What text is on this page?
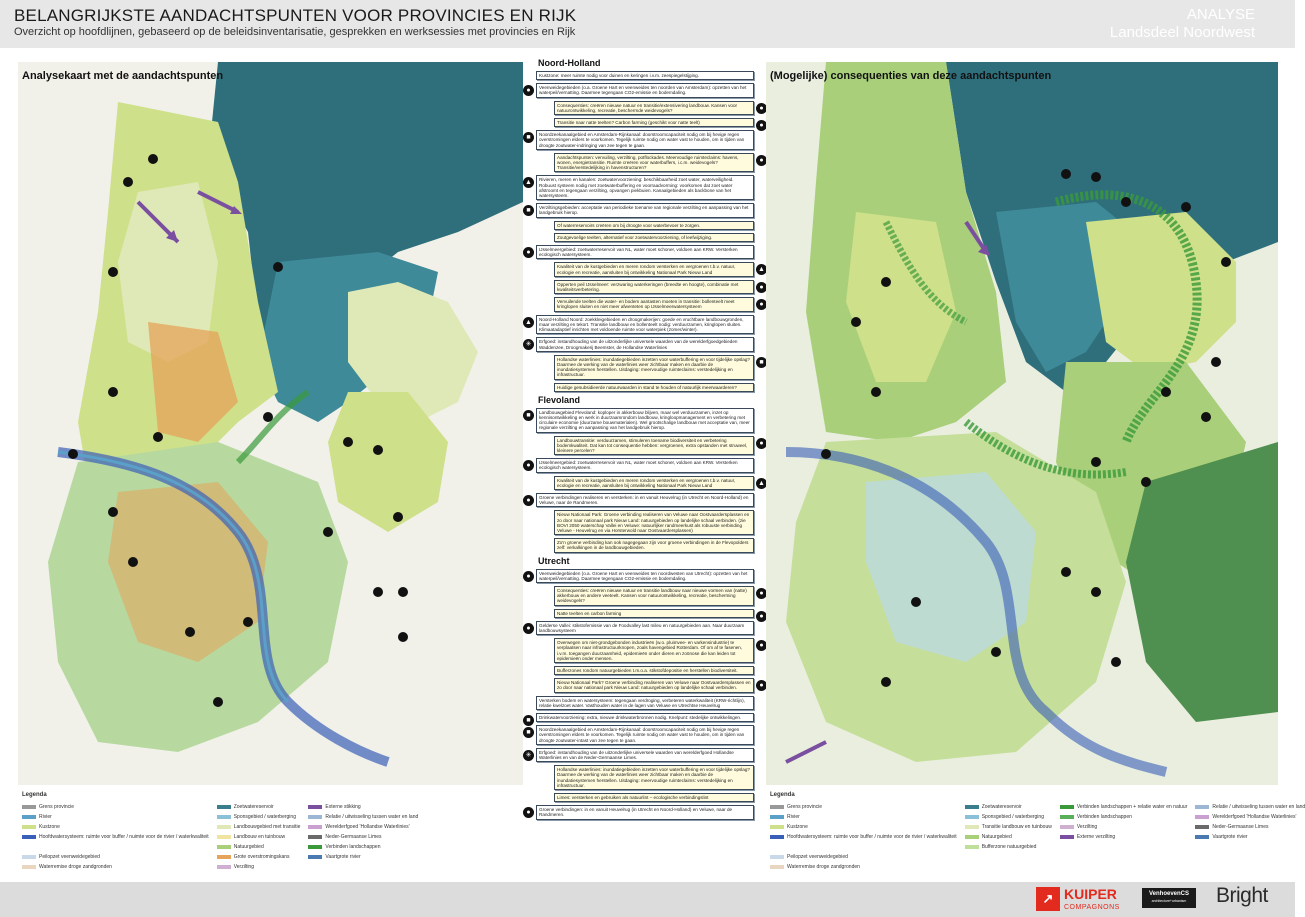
BELANGRIJKSTE AANDACHTSPUNTEN VOOR PROVINCIES EN RIJK
Overzicht op hoofdlijnen, gebaseerd op de beleidsinventarisatie, gesprekken en werksessies met provincies en Rijk
ANALYSE
Landsdeel Noordwest
Analysekaart met de aandachtspunten
Noord-Holland
Kustzone: meer ruimte nodig voor duinen en keringen i.v.m. zeespiegelstijging.
●	Veenweidegebieden (o.a. Groene Hart en veenweides ten noorden van Amsterdam): opzetten van het waterpeil/vernatting. Daarmee tegengaan CO2-emissie en bodemdaling.
●
Consequenties: creëren nieuwe natuur en transitie/extensivering landbouw. Kansen voor natuurontwikkeling, recreatie, beschermde weidevogels?
●
Transitie naar natte teelten? Carbon farming (geschikt voor natte teelt)
■	Noordzeekanaalgebied en Amsterdam-Rijnkanaal: doorstroomcapaciteit nodig om bij hevige regen overstromingen elders te voorkomen. Tegelijk ruimte nodig om water vast te houden, om in tijden van droogte zoutwater-indringing van zee tegen te gaan.
●
Aandachtspunten: vervuiling, verzilting, potflockades. Meervoudige ruimteclaims: havens, wonen, energietransitie. Ruimte creëren voor waterbuffers, i.c.m. weidevogels? Transitie/verstedelijking in havenstructuren?
▲	Rivieren, meren en kanalen: zoetwatervoorziening: beschikbaarheid zoet water, waterveiligheid. Robuust systeem nodig met zoetwaterbuffering en voorraadvorming: voorkomen dat zoet water afstroomt en tegengaan verzilting, opvangen piekbuien. Kanaalgebieden als backbone van het watersysteem.
■	Verziltingsgebieden: acceptatie van periodieke toename van regionale verzilting en aanpassing van het landgebruik hierop.
Of waterreservoirs creëren om bij droogte voor waterbevoer te zorgen.
Zoutgevoelige teelten, alternatief voor zoetwatervoorziening, of leefwijziging.
●	IJsselmeergebied: zoetwaterreservoir van NL, water moet schoner, voldoen aan KRW. Versterken ecologisch watersysteem.
▲
Kwaliteit van de kustgebieden en meren rondom versterken en vergroenen t.b.v. natuur, ecologie en recreatie, aansluiten bij ontwikkeling Nationaal Park Nieuw Land
●
Opperten peil IJsselmeer: verzwaring waterkeringen (breedte en hoogte), combinatie met kwaliteitsverbetering.
●
Vervuilende teelten die water- en bodem aantasten moeten in transitie: bollenteelt meet kringlopen sluiten en niet meer afwenteten op IJsselmeerwatersysteem
▲	Noord-Holland Noord: zoekkleigebieden en droogmakerijen: goede en vruchtbare landbouwgronden, maar verzilting en tekort. Transitie landbouw en bollenteelt nodig: verduurzamen, kringlopen sluiten. Klimaatadaptief inrichten met voldoende ruimte voor waterpiek (zomer/winter).
✳	Erfgoed: instandhouding van de uitzonderlijke universele waarden van de werelderfgoedgebieden Waddenzee, Droogmakerij Beemster, de Hollandse Waterlinies
■
Hollandse waterlinies: inundatiegebieden inzetten voor waterbuffering en voor tijdelijke opslag? Daarmee de werking van de waterlinies weer zichtbaar maken en daarbie de inundatiesystemen herstellen. Uitdaging: meervoudige ruimteclaims: verstedelijking en infrastructuur.
Huidige gesubsidieerde natuurwaarden in stand te houden of natuurlijk meerwaarderen?
Flevoland
■	Landbouwgebied Flevoland: koploper in akkerbouw blijven, maar wel verduurzamen, inzet op kennisontwikkeling en werk in duurzaamrondom landbouw, kringloopmanagement en verbetering met circulaire economie (duurzame bouwmaterialen). Wel grootschalige landbouw met acceptatie van, meer regionale verzilting en aanpassing van het landgebruik hierop.
●
Landbouwtransitie: verduurzamen, stimuleren toename biodiversiteit en verbetering bodemkwaliteit. Dat kan tot consequentie hebben: vergroenen, extra opstanden met struweel, kleinere percelen?
●	IJsselmeergebied: zoetwaterreservoir van NL, water moet schoner, voldoen aan KRW. Versterken ecologisch watersysteem.
▲
Kwaliteit van de kustgebieden en meren rondom versterken en vergroenen t.b.v. natuur, ecologie en recreatie, aansluiten bij ontwikkeling Nationaal Park Nieuw Land
●	Groene verbindingen realiseren en versterken: in en vanuit Heuvelrug (in Utrecht en Noord-Holland) en Veluwe, naar de Randmeren.
Nieuw Nationaal Park: Groene verbinding realiseren van Veluwe naar Oostvaardersplassen en zo door naar nationaal park Nieuw Land: natuurgebieden op landelijke schaal verbinden. (zie BOVI 2050 waterschap Vallei en Veluwe: natuurlijker randmeerkust als robuuste verbinding Veluwe - Heuvelrug en via Horsterwold naar Oostvaardersplassen)
Zo'n groene verbinding kan ook nagegegaan zijn voor groene verbindingen in de Flevopolders zelf: verkalkingen in de landbouwgebieden.
Utrecht
●	Veenweidegebieden (o.a. Groene Hart en veenweides ten noordwesten van Utrecht): opzetten van het waterpeil/vernatting. Daarmee tegengaan CO2-emissie en bodemdaling.
●
Consequenties: creëren nieuwe natuur en transitie landbouw naar nieuwe vormen van (natte) akkerbouw en andere veeteelt. Kansen voor natuurontwikkeling, recreatie, bescherming weidevogels?
●
Natte teelten en carbon farming
●	Gelderse Vallei: stikstofemissie van de Foodvalley last mileu en natuurgebieden aan. Naar duurzaam landbouwsysteem
●
Overwegen om niet-grondgebonden industrieën (w.o. pluimvee- en varkensindustrie) te verplaatsen naar infrastructuurknopen, zoals havengebied Rotterdam. Of om af te fasenen, i.v.m. toegangen duurzaamheid, epidemieën onder dieren en zoönose die kan leiden tot epidemieën onder mensen.
Bufferzones rondom natuurgebieden t.m.o.a. stikstofdepositie en herstellen biodiversiteit.
●
Nieuw Nationaal Park? Groene verbinding realiseren van Veluwe naar Oostvaardersplassen en zo door naar nationaal park Nieuw Land: natuurgebieden op landelijke schaal verbinden.
Versterken bodem en watersysteem: tegengaan verdroging, verbeteren waterkwaliteit (KRW-richtlijn), relatie kwelzoet water. Vasthouden water in de lagen van Veluwe en Utrechtse Heuvelrug
■	Drinkwatervoorziening: extra, nieuwe drinkwaterbronnen nodig. Knelpunt: stedelijke ontwikkelingen.
■	Noordzeekanaalgebied en Amsterdam-Rijnkanaal: doorstroomcapaciteit nodig om bij hevige regen overstromingen elders te voorkomen. Tegelijk ruimte nodig om water vast te houden, om in tijden van droogte zoutwater-intast van zee tegen te gaan.
✳	Erfgoed: instandhouding van de uitzonderlijke universele waarden van werelderfgoed Hollandse Waterlinies en van de Neder-Germaanse Limes.
Hollandse waterlinies: inundatiegebieden inzetten voor waterbuffering en voor tijdelijke opslag? Daarmee de werking van de waterlinies weer zichtbaar maken en daarbie de inundatiesystemen herstellen. Uitdaging: meervoudige ruimteclaims: verstedelijking en infrastructuur.
Limes: versterken en gebruiken als natuurlint – ecologische verbindingslint
●	Groene verbindingen: in en vanuit Heuvelrug (in Utrecht en Noord-Holland) en Veluwe, naar de Randmeren.
(Mogelijke) consequenties van deze aandachtspunten
Legenda
Grens provincie	Zoetwatereservoir	Externe stikking
Rivier	Sponsgebied / waterberging	Relatie / uitwisseling tussen water en land
Kustzone	Landbouwgebied met transitie	Werelderfgoed 'Hollandse Waterlinies'
Hoofdwatersysteem: ruimte voor buffer / nuimte voor de rivier / waterkwaliteit	Landbouw en tuinbouw	Neder-Germaanse Limes
Natuurgebied	Verbinden landschappen
Peilopzet veenweidegebied	Grote overstromingskans	Vaartgrote rivier
Waterremise droge zandgronden	Verzilting
Legenda
Grens provincie	Zoetwatereservoir	Verbinden landschappen + relatie water en natuur	Relatie / uitwisseling tussen water en land
Rivier	Sponsgebied / waterberging	Verbinden landschappen	Werelderfgoed 'Hollandse Waterlinies'
Kustzone	Transitie landbouw en tuinbouw	Verzilting	Neder-Germaanse Limes
Hoofdwatersysteem: ruimte voor buffer / nuimte voor de rivier / waterkwaliteit	Natuurgebied	Externe verzilting	Vaartgrote rivier
Bufferzone natuurgebied
Peilopzet veenweidegebied
Waterremise droge zandgronden
↗ KUIPER
COMPAGNONS
VenhoevenCS
architecture+urbanism Bright
